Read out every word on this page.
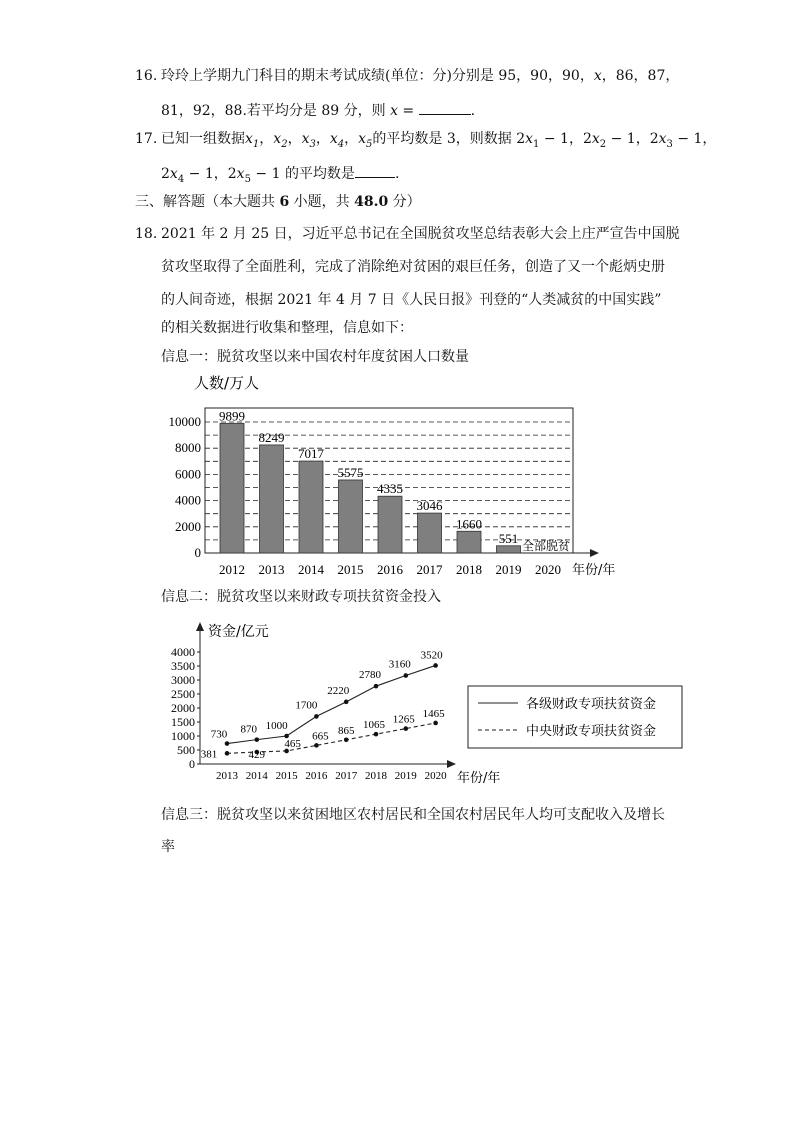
16. 玲玲上学期九门科目的期末考试成绩(单位：分)分别是 95，90，90，x，86，87，
81，92，88.若平均分是 89 分，则 x =	.
17. 已知一组数据$x_1$，$x_2$，$x_3$，$x_4$，$x_5$的平均数是 3，则数据 $2x_1 - 1$，$2x_2 - 1$，$2x_3 - 1$，
$2x_4 - 1$，$2x_5 - 1$ 的平均数是	.
三、解答题（本大题共 6 小题，共 48.0 分）
18. 2021 年 2 月 25 日，习近平总书记在全国脱贫攻坚总结表彰大会上庄严宣告中国脱
贫攻坚取得了全面胜利，完成了消除绝对贫困的艰巨任务，创造了又一个彪炳史册
的人间奇迹，根据 2021 年 4 月 7 日《人民日报》刊登的“人类减贫的中国实践”
的相关数据进行收集和整理，信息如下：
信息一：脱贫攻坚以来中国农村年度贫困人口数量
人数/万人
9899
8249
7017
5575
4335
3046
1660
551
0
2000
4000
6000
8000
10000
2012 2013 2014 2015 2016 2017 2018 2019 2020
全部脱贫
年份/年
信息二：脱贫攻坚以来财政专项扶贫资金投入
资金/亿元
0
500
1000
1500
2000
2500
3000
3500
4000
2013 2014 2015 2016 2017 2018 2019 2020
730 870 1000
1700
2220
2780
3160
3520
381	429
465
665 865 1065 1265 1465
年份/年
各级财政专项扶贫资金
中央财政专项扶贫资金
信息三：脱贫攻坚以来贫困地区农村居民和全国农村居民年人均可支配收入及增长
率
